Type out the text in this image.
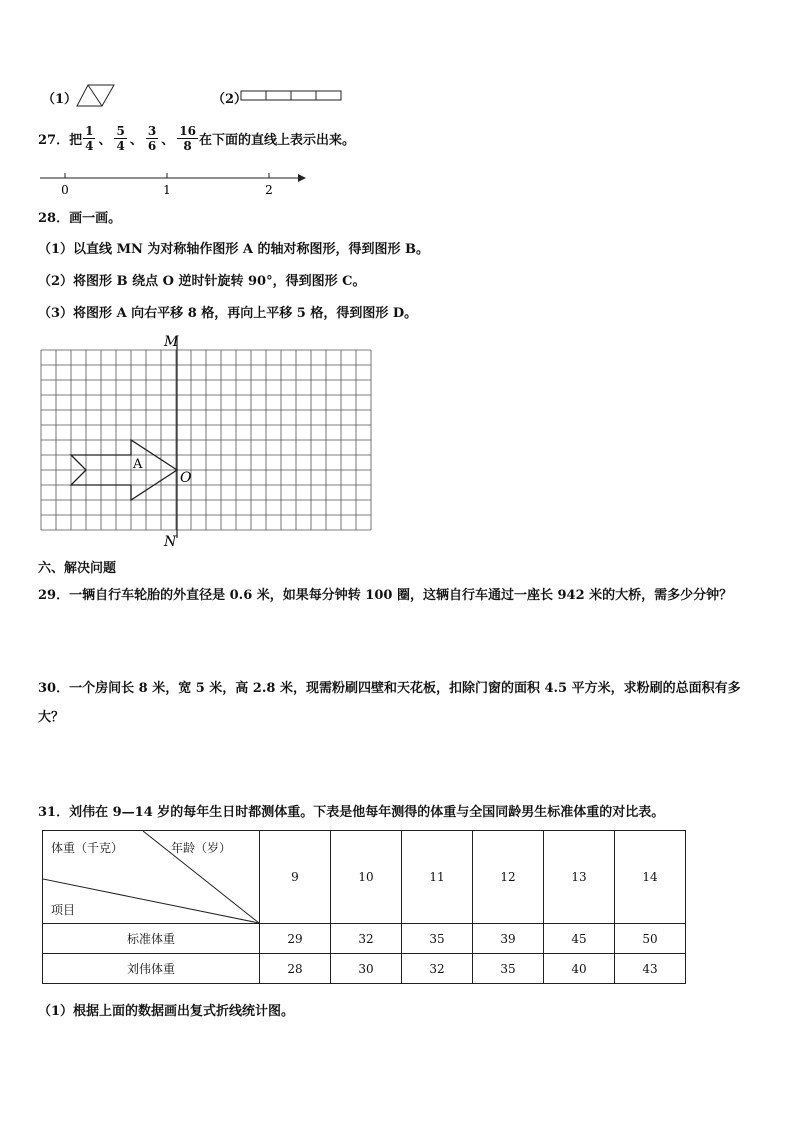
（1）	（2）
27． 把 $\frac{1}{4}$ 、 $\frac{5}{4}$ 、 $\frac{3}{6}$ 、 $\frac{16}{8}$ 在下面的直线上表示出来。
0	1	2
28．画一画。
（1）以直线 MN 为对称轴作图形 A 的轴对称图形，得到图形 B。
（2）将图形 B 绕点 O 逆时针旋转 90°，得到图形 C。
（3）将图形 A 向右平移 8 格，再向上平移 5 格，得到图形 D。
M
N
O
A
六、解决问题
29．一辆自行车轮胎的外直径是 0.6 米，如果每分钟转 100 圈，这辆自行车通过一座长 942 米的大桥，需多少分钟？
30．一个房间长 8 米，宽 5 米，高 2.8 米，现需粉刷四壁和天花板，扣除门窗的面积 4.5 平方米，求粉刷的总面积有多
大？
31．刘伟在 9—14 岁的每年生日时都测体重。下表是他每年测得的体重与全国同龄男生标准体重的对比表。
体重（千克） 年龄（岁）
项目	9	10	11	12	13	14
标准体重	29	32	35	39	45	50
刘伟体重	28	30	32	35	40	43
（1）根据上面的数据画出复式折线统计图。
